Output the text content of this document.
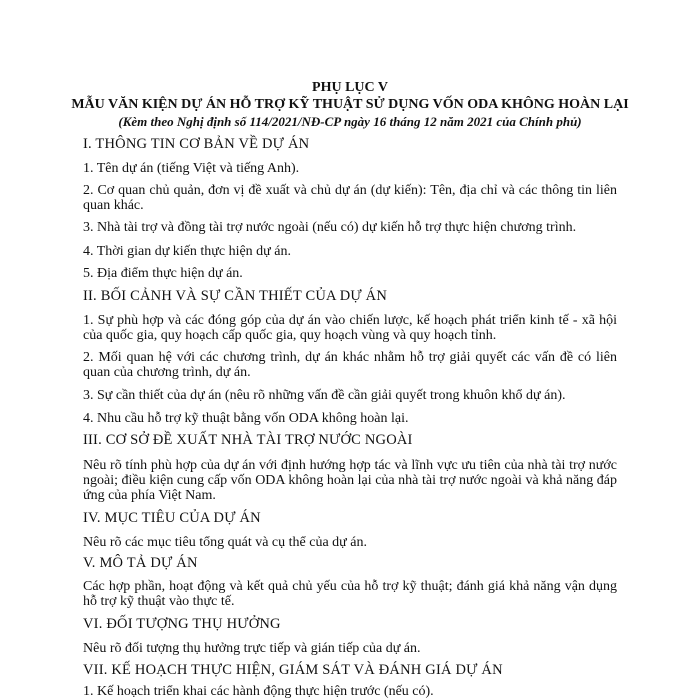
PHỤ LỤC V
MẪU VĂN KIỆN DỰ ÁN HỖ TRỢ KỸ THUẬT SỬ DỤNG VỐN ODA KHÔNG HOÀN LẠI
(Kèm theo Nghị định số 114/2021/NĐ-CP ngày 16 tháng 12 năm 2021 của Chính phủ)
I. THÔNG TIN CƠ BẢN VỀ DỰ ÁN
1. Tên dự án (tiếng Việt và tiếng Anh).
2. Cơ quan chủ quản, đơn vị đề xuất và chủ dự án (dự kiến): Tên, địa chỉ và các thông tin liên quan khác.
3. Nhà tài trợ và đồng tài trợ nước ngoài (nếu có) dự kiến hỗ trợ thực hiện chương trình.
4. Thời gian dự kiến thực hiện dự án.
5. Địa điểm thực hiện dự án.
II. BỐI CẢNH VÀ SỰ CẦN THIẾT CỦA DỰ ÁN
1. Sự phù hợp và các đóng góp của dự án vào chiến lược, kế hoạch phát triển kinh tế - xã hội của quốc gia, quy hoạch cấp quốc gia, quy hoạch vùng và quy hoạch tỉnh.
2. Mối quan hệ với các chương trình, dự án khác nhằm hỗ trợ giải quyết các vấn đề có liên quan của chương trình, dự án.
3. Sự cần thiết của dự án (nêu rõ những vấn đề cần giải quyết trong khuôn khổ dự án).
4. Nhu cầu hỗ trợ kỹ thuật bằng vốn ODA không hoàn lại.
III. CƠ SỞ ĐỀ XUẤT NHÀ TÀI TRỢ NƯỚC NGOÀI
Nêu rõ tính phù hợp của dự án với định hướng hợp tác và lĩnh vực ưu tiên của nhà tài trợ nước ngoài; điều kiện cung cấp vốn ODA không hoàn lại của nhà tài trợ nước ngoài và khả năng đáp ứng của phía Việt Nam.
IV. MỤC TIÊU CỦA DỰ ÁN
Nêu rõ các mục tiêu tổng quát và cụ thể của dự án.
V. MÔ TẢ DỰ ÁN
Các hợp phần, hoạt động và kết quả chủ yếu của hỗ trợ kỹ thuật; đánh giá khả năng vận dụng hỗ trợ kỹ thuật vào thực tế.
VI. ĐỐI TƯỢNG THỤ HƯỞNG
Nêu rõ đối tượng thụ hưởng trực tiếp và gián tiếp của dự án.
VII. KẾ HOẠCH THỰC HIỆN, GIÁM SÁT VÀ ĐÁNH GIÁ DỰ ÁN
1. Kế hoạch triển khai các hành động thực hiện trước (nếu có).
